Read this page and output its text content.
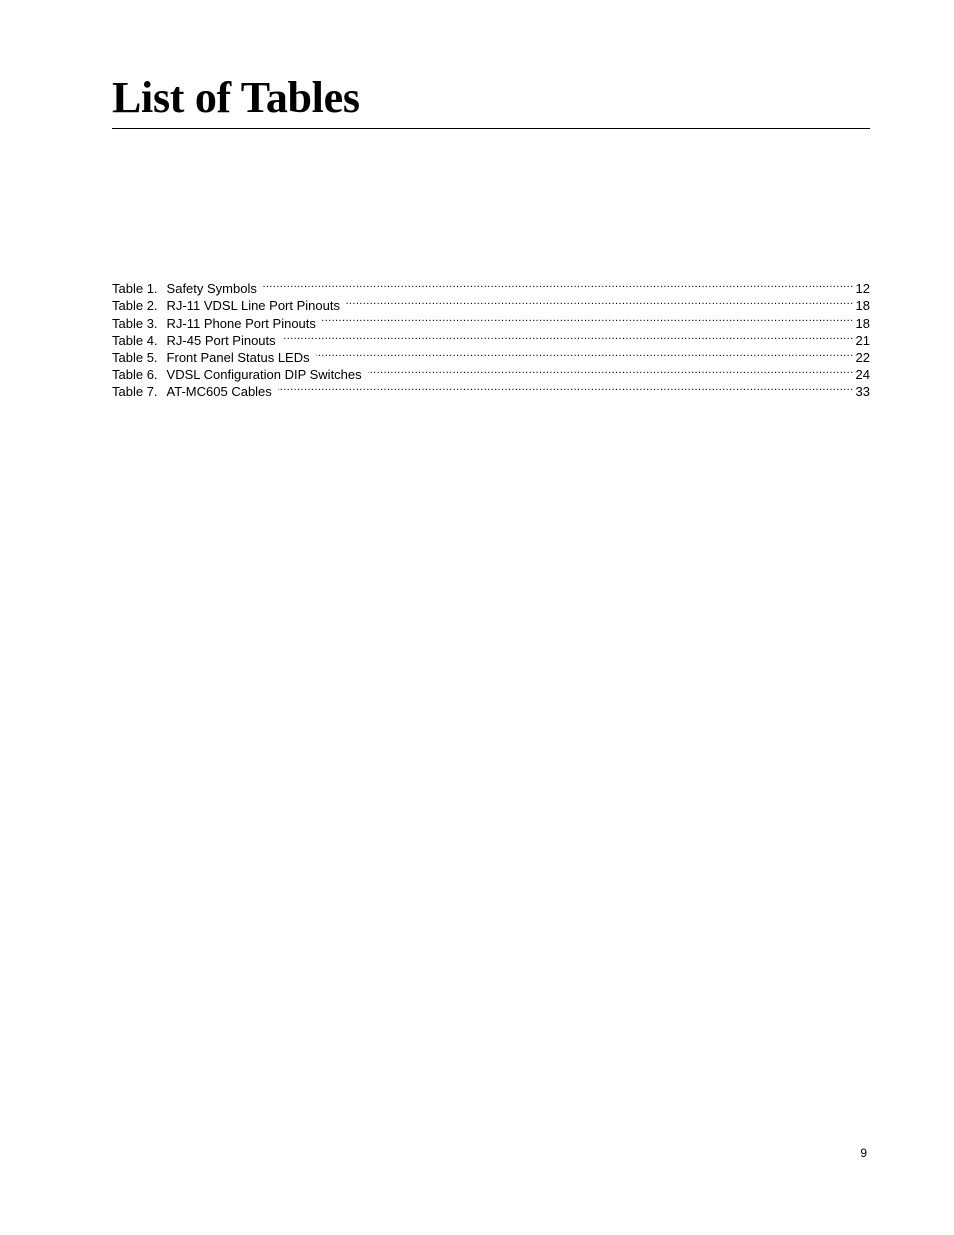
List of Tables
Table 1. Safety Symbols .....	12
Table 2. RJ-11 VDSL Line Port Pinouts .....	18
Table 3. RJ-11 Phone Port Pinouts .....	18
Table 4. RJ-45 Port Pinouts .....	21
Table 5. Front Panel Status LEDs .....	22
Table 6. VDSL Configuration DIP Switches .....	24
Table 7. AT-MC605 Cables .....	33
9
